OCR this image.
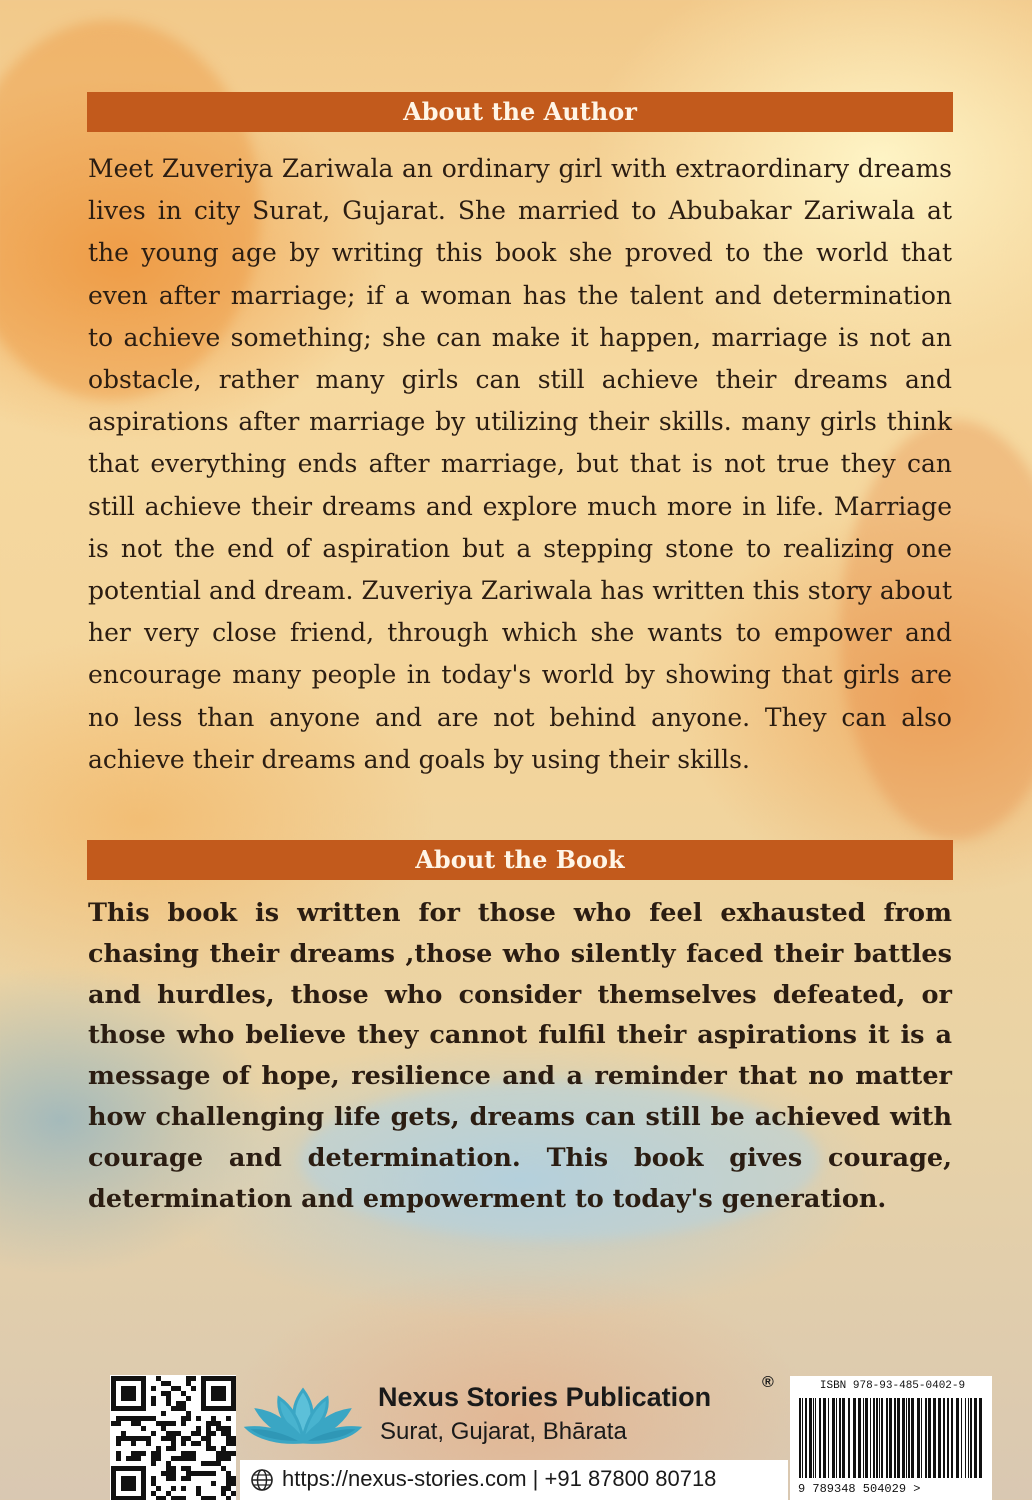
About the Author

Meet Zuveriya Zariwala an ordinary girl with extraordinary dreams lives in city Surat, Gujarat. She married to Abubakar Zariwala at the young age by writing this book she proved to the world that even after marriage; if a woman has the talent and determination to achieve something; she can make it happen, marriage is not an obstacle, rather many girls can still achieve their dreams and aspirations after marriage by utilizing their skills. many girls think that everything ends after marriage, but that is not true they can still achieve their dreams and explore much more in life. Marriage is not the end of aspiration but a stepping stone to realizing one potential and dream. Zuveriya Zariwala has written this story about her very close friend, through which she wants to empower and encourage many people in today's world by showing that girls are no less than anyone and are not behind anyone. They can also achieve their dreams and goals by using their skills.

About the Book

This book is written for those who feel exhausted from chasing their dreams ,those who silently faced their battles and hurdles, those who consider themselves defeated, or those who believe they cannot fulfil their aspirations it is a message of hope, resilience and a reminder that no matter how challenging life gets, dreams can still be achieved with courage and determination. This book gives courage, determination and empowerment to today's generation.

Nexus Stories Publication	®
Surat, Gujarat, Bhārata
https://nexus-stories.com | +91 87800 80718
ISBN 978-93-485-0402-9
9 789348 504029 >
